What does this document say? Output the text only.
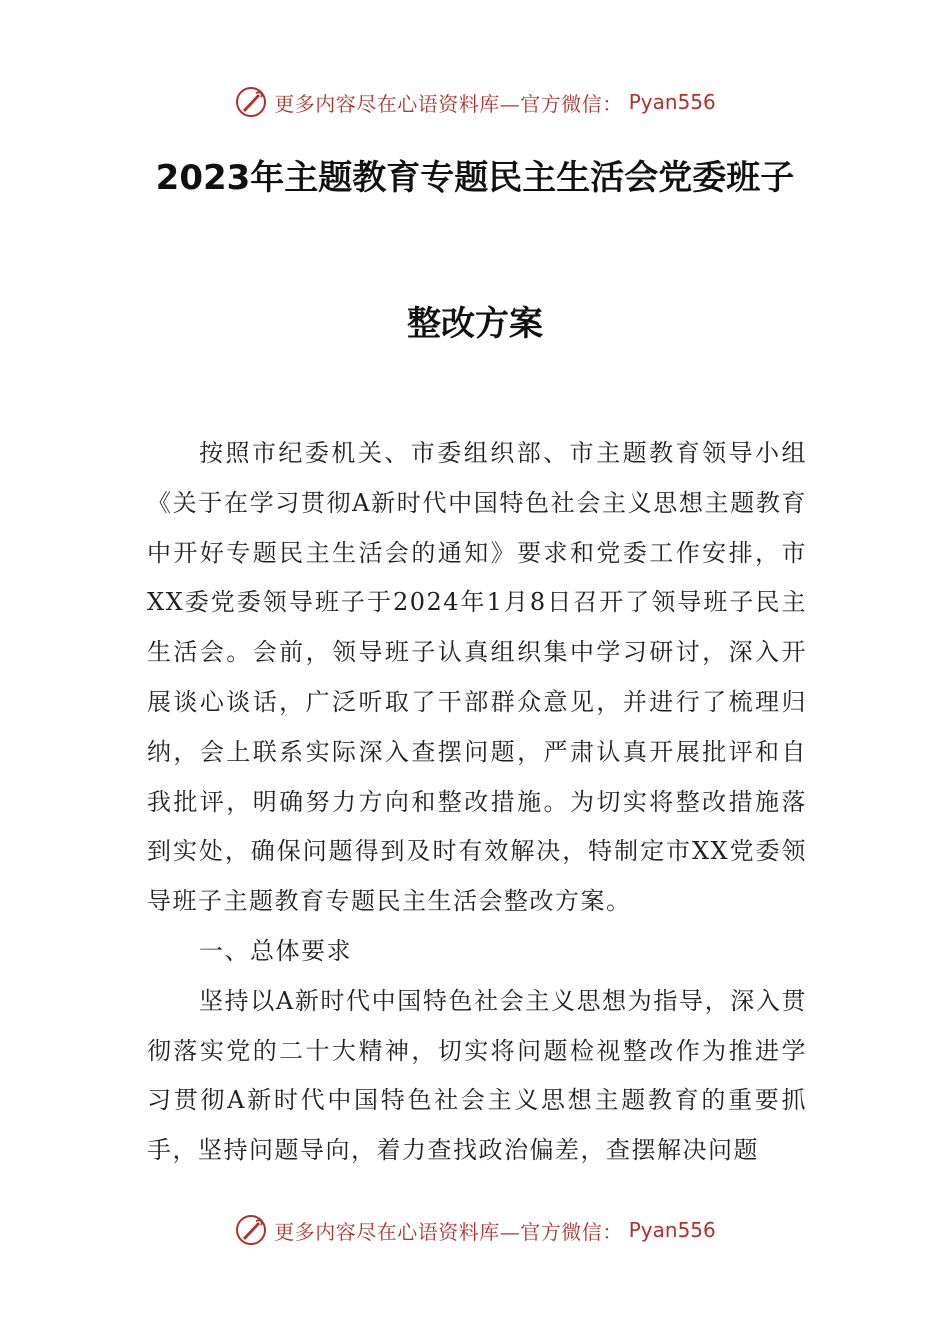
更多内容尽在心语资料库—官方微信： Pyan556
2023年主题教育专题民主生活会党委班子
整改方案

按照市纪委机关、市委组织部、市主题教育领导小组《关于在学习贯彻A新时代中国特色社会主义思想主题教育中开好专题民主生活会的通知》要求和党委工作安排，市XX委党委领导班子于2024年1月8日召开了领导班子民主生活会。会前，领导班子认真组织集中学习研讨，深入开展谈心谈话，广泛听取了干部群众意见，并进行了梳理归纳，会上联系实际深入查摆问题，严肃认真开展批评和自我批评，明确努力方向和整改措施。为切实将整改措施落到实处，确保问题得到及时有效解决，特制定市XX党委领导班子主题教育专题民主生活会整改方案。

一、总体要求

坚持以A新时代中国特色社会主义思想为指导，深入贯彻落实党的二十大精神，切实将问题检视整改作为推进学习贯彻A新时代中国特色社会主义思想主题教育的重要抓手，坚持问题导向，着力查找政治偏差，查摆解决问题

更多内容尽在心语资料库—官方微信： Pyan556
